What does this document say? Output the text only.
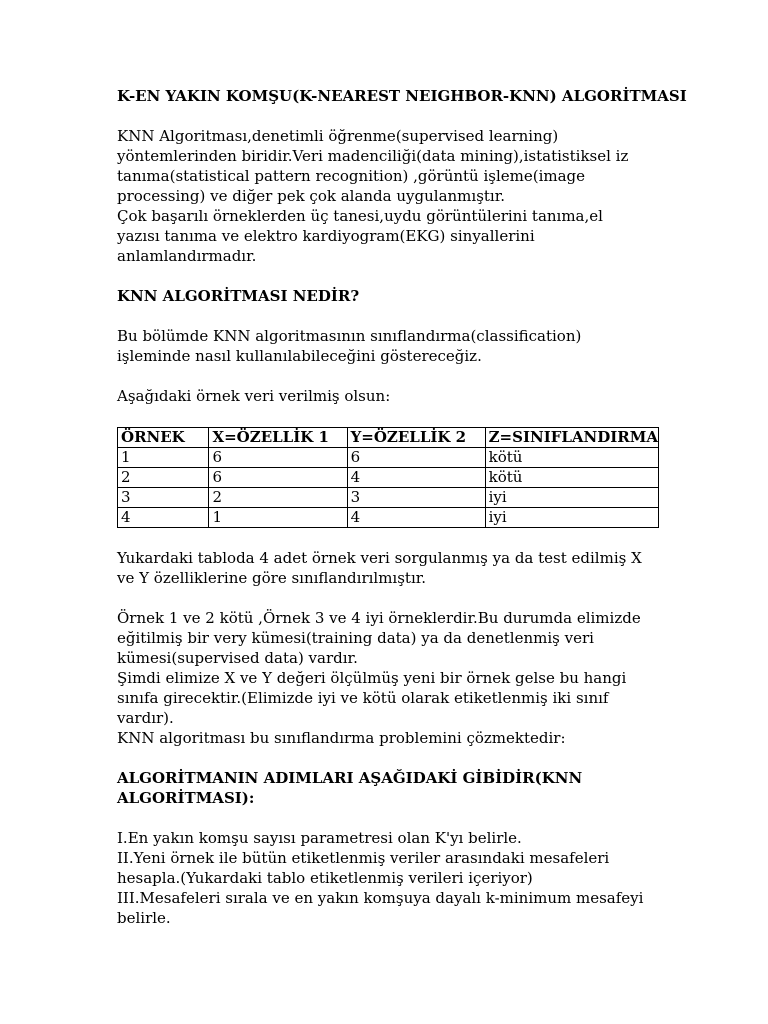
K-EN YAKIN KOMŞU(K-NEAREST NEIGHBOR-KNN) ALGORİTMASI

KNN Algoritması,denetimli öğrenme(supervised learning)
yöntemlerinden biridir.Veri madenciliği(data mining),istatistiksel iz
tanıma(statistical pattern recognition) ,görüntü işleme(image
processing) ve diğer pek çok alanda uygulanmıştır.
Çok başarılı örneklerden üç tanesi,uydu görüntülerini tanıma,el
yazısı tanıma ve elektro kardiyogram(EKG) sinyallerini
anlamlandırmadır.

KNN ALGORİTMASI NEDİR?

Bu bölümde KNN algoritmasının sınıflandırma(classification)
işleminde nasıl kullanılabileceğini göstereceğiz.

Aşağıdaki örnek veri verilmiş olsun:

ÖRNEK	X=ÖZELLİK 1	Y=ÖZELLİK 2	Z=SINIFLANDIRMA
1	6	6	kötü
2	6	4	kötü
3	2	3	iyi
4	1	4	iyi

Yukardaki tabloda 4 adet örnek veri sorgulanmış ya da test edilmiş X
ve Y özelliklerine göre sınıflandırılmıştır.

Örnek 1 ve 2 kötü ,Örnek 3 ve 4 iyi örneklerdir.Bu durumda elimizde
eğitilmiş bir very kümesi(training data) ya da denetlenmiş veri
kümesi(supervised data) vardır.
Şimdi elimize X ve Y değeri ölçülmüş yeni bir örnek gelse bu hangi
sınıfa girecektir.(Elimizde iyi ve kötü olarak etiketlenmiş iki sınıf
vardır).
KNN algoritması bu sınıflandırma problemini çözmektedir:

ALGORİTMANIN ADIMLARI AŞAĞIDAKİ GİBİDİR(KNN
ALGORİTMASI):

I.En yakın komşu sayısı parametresi olan K'yı belirle.
II.Yeni örnek ile bütün etiketlenmiş veriler arasındaki mesafeleri
hesapla.(Yukardaki tablo etiketlenmiş verileri içeriyor)
III.Mesafeleri sırala ve en yakın komşuya dayalı k-minimum mesafeyi
belirle.
